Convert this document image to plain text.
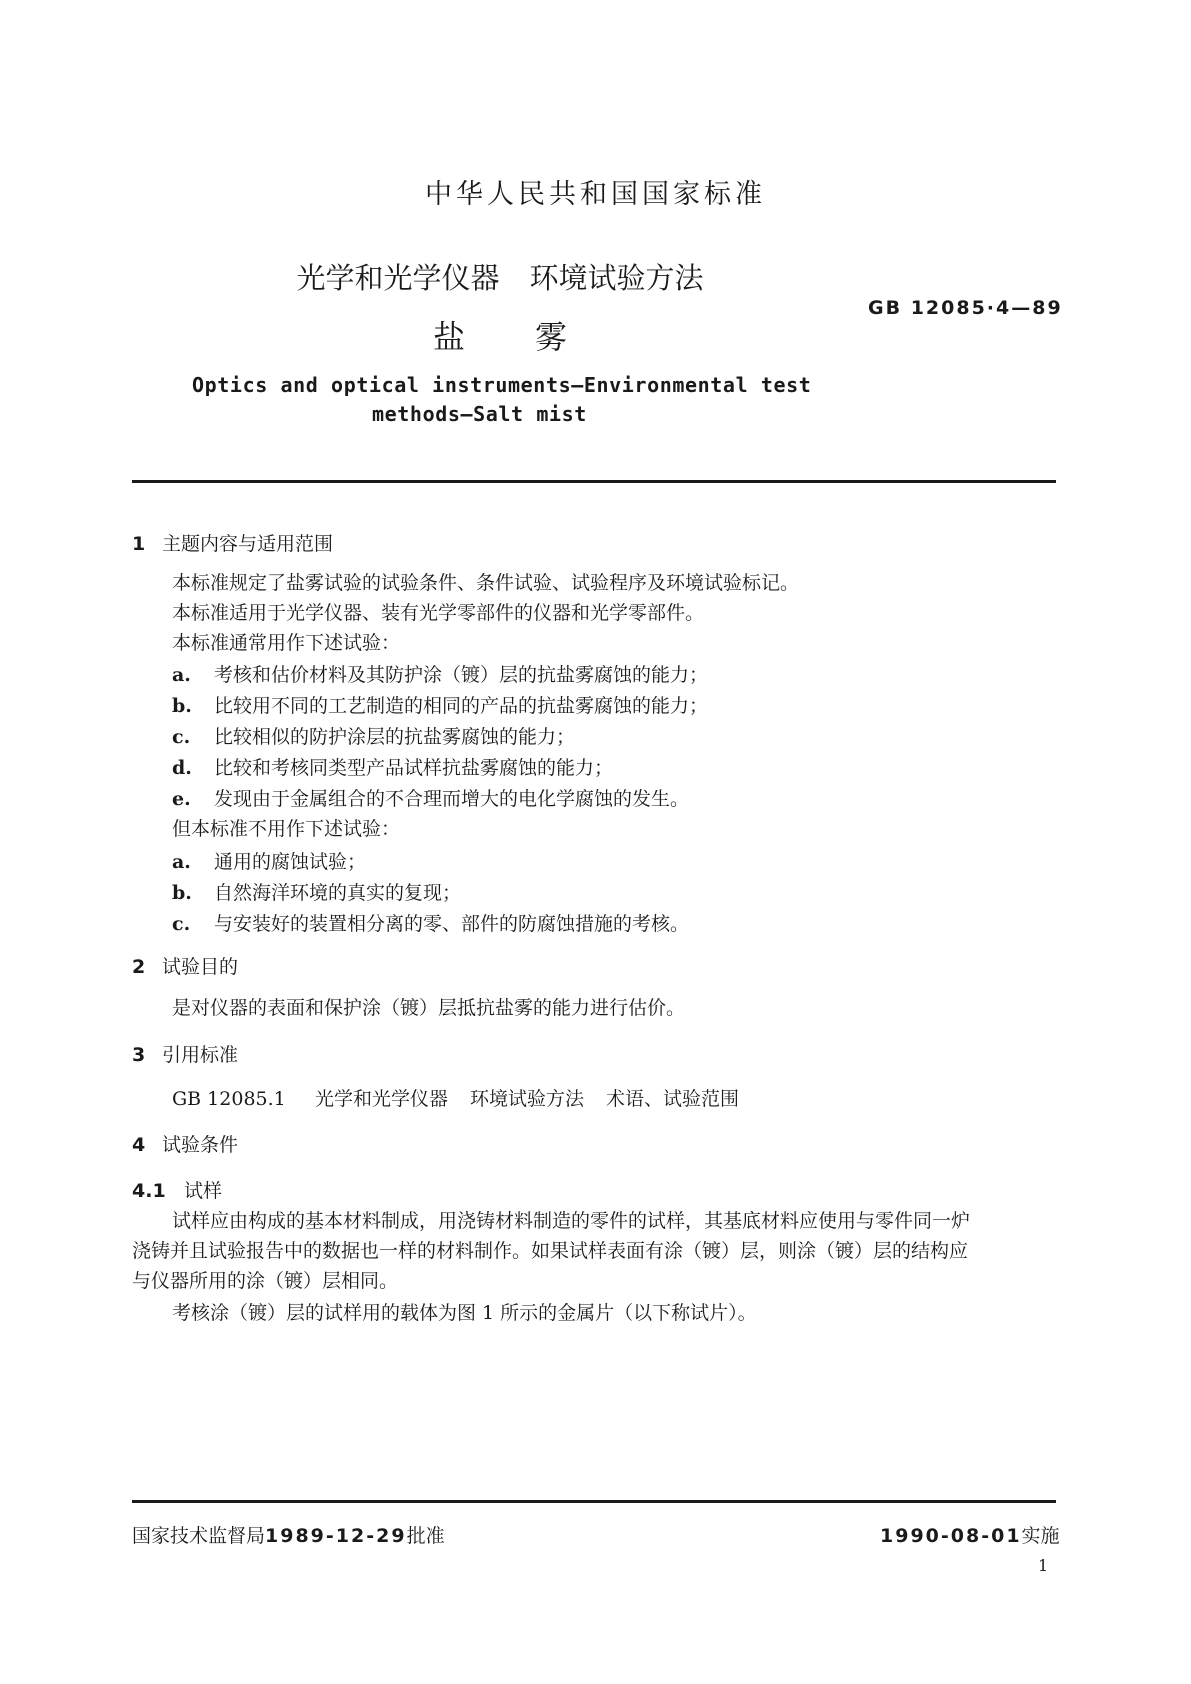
中华人民共和国国家标准
光学和光学仪器 环境试验方法
盐雾
GB 12085·4—89
Optics and optical instruments—Environmental test
methods—Salt mist
1 主题内容与适用范围
本标准规定了盐雾试验的试验条件、条件试验、试验程序及环境试验标记。
本标准适用于光学仪器、装有光学零部件的仪器和光学零部件。
本标准通常用作下述试验：
a. 考核和估价材料及其防护涂（镀）层的抗盐雾腐蚀的能力；
b. 比较用不同的工艺制造的相同的产品的抗盐雾腐蚀的能力；
c. 比较相似的防护涂层的抗盐雾腐蚀的能力；
d. 比较和考核同类型产品试样抗盐雾腐蚀的能力；
e. 发现由于金属组合的不合理而增大的电化学腐蚀的发生。
但本标准不用作下述试验：
a. 通用的腐蚀试验；
b. 自然海洋环境的真实的复现；
c. 与安装好的装置相分离的零、部件的防腐蚀措施的考核。
2 试验目的
是对仪器的表面和保护涂（镀）层抵抗盐雾的能力进行估价。
3 引用标准
GB 12085.1 光学和光学仪器 环境试验方法 术语、试验范围
4 试验条件
4.1 试样
试样应由构成的基本材料制成，用浇铸材料制造的零件的试样，其基底材料应使用与零件同一炉
浇铸并且试验报告中的数据也一样的材料制作。如果试样表面有涂（镀）层，则涂（镀）层的结构应
与仪器所用的涂（镀）层相同。
考核涂（镀）层的试样用的载体为图 1 所示的金属片（以下称试片）。
国家技术监督局1989-12-29批准	1990-08-01实施
1
